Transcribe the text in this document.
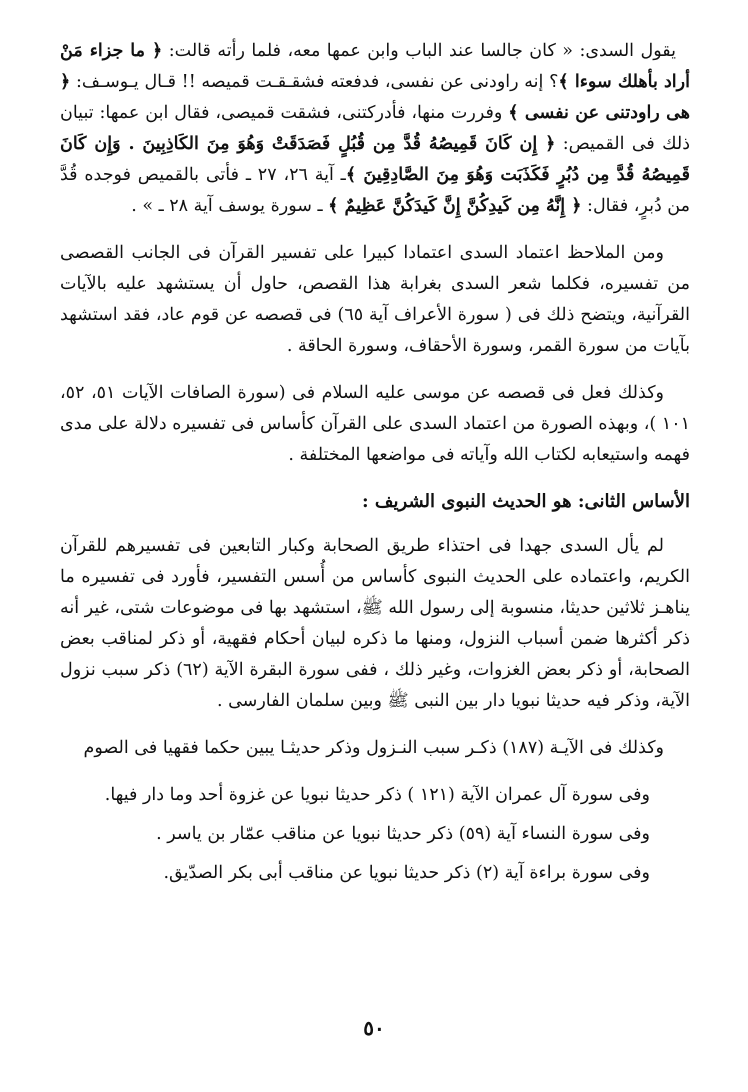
يقول السدى: « كان جالسا عند الباب وابن عمها معه، فلما رأته قالت: ﴿ ما جزاء مَنْ أراد بأهلك سوءا ﴾؟ إنه راودنى عن نفسى، فدفعته فشقـقـت قميصه !! قـال يـوسـف: ﴿ هى راودتنى عن نفسى ﴾ وفررت منها، فأدركتنى، فشقت قميصى، فقال ابن عمها: تبيان ذلك فى القميص: ﴿ إِن كَانَ قَمِيصُهُ قُدَّ مِن قُبُلٍ فَصَدَقَتْ وَهُوَ مِنَ الكَاذِبِينَ . وَإِن كَانَ قَمِيصُهُ قُدَّ مِن دُبُرٍ فَكَذَبَت وَهُوَ مِنَ الصَّادِقِينَ ﴾ـ آية ٢٦، ٢٧ ـ فأتى بالقميص فوجده قُدَّ من دُبرٍ، فقال: ﴿ إِنَّهُ مِن كَيدِكُنَّ إِنَّ كَيدَكُنَّ عَظِيمٌ ﴾ ـ سورة يوسف آية ٢٨ ـ » .

ومن الملاحظ اعتماد السدى اعتمادا كبيرا على تفسير القرآن فى الجانب القصصى من تفسيره، فكلما شعر السدى بغرابة هذا القصص، حاول أن يستشهد عليه بالآيات القرآنية، ويتضح ذلك فى ( سورة الأعراف آية ٦٥) فى قصصه عن قوم عاد، فقد استشهد بآيات من سورة القمر، وسورة الأحقاف، وسورة الحاقة .

وكذلك فعل فى قصصه عن موسى عليه السلام فى (سورة الصافات الآيات ٥١، ٥٢، ١٠١ )، وبهذه الصورة من اعتماد السدى على القرآن كأساس فى تفسيره دلالة على مدى فهمه واستيعابه لكتاب الله وآياته فى مواضعها المختلفة .

الأساس الثانى: هو الحديث النبوى الشريف :

لم يأل السدى جهدا فى احتذاء طريق الصحابة وكبار التابعين فى تفسيرهم للقرآن الكريم، واعتماده على الحديث النبوى كأساس من أُسس التفسير، فأورد فى تفسيره ما يناهـز ثلاثين حديثا، منسوبة إلى رسول الله ﷺ، استشهد بها فى موضوعات شتى، غير أنه ذكر أكثرها ضمن أسباب النزول، ومنها ما ذكره لبيان أحكام فقهية، أو ذكر لمناقب بعض الصحابة، أو ذكر بعض الغزوات، وغير ذلك ، ففى سورة البقرة الآية (٦٢) ذكر سبب نزول الآية، وذكر فيه حديثا نبويا دار بين النبى ﷺ وبين سلمان الفارسى .

وكذلك فى الآيـة (١٨٧) ذكـر سبب النـزول وذكر حديثـا يبين حكما فقهيا فى الصوم

وفى سورة آل عمران الآية (١٢١ ) ذكر حديثا نبويا عن غزوة أحد وما دار فيها.

وفى سورة النساء آية (٥٩) ذكر حديثا نبويا عن مناقب عمّار بن ياسر .

وفى سورة براءة آية (٢) ذكر حديثا نبويا عن مناقب أبى بكر الصدّيق.

٥٠
